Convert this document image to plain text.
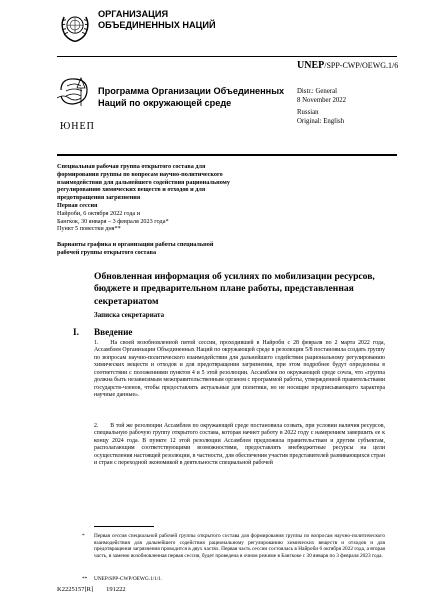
ОРГАНИЗАЦИЯ ОБЪЕДИНЕННЫХ НАЦИЙ
UNEP/SPP-CWP/OEWG.1/6
ЮНЕП
Программа Организации Объединенных Наций по окружающей среде
Distr.: General
8 November 2022
Russian
Original: English
Специальная рабочая группа открытого состава для формирования группы по вопросам научно-политического взаимодействия для дальнейшего содействия рациональному регулированию химических веществ и отходов и для предотвращения загрязнения
Первая сессия
Найроби, 6 октября 2022 года и
Бангкок, 30 января – 3 февраля 2023 года*
Пункт 5 повестки дня**
Варианты графика и организации работы специальной рабочей группы открытого состава
Обновленная информация об усилиях по мобилизации ресурсов, бюджете и предварительном плане работы, представленная секретариатом
Записка секретариата
I. Введение
1.  На своей возобновленной пятой сессии, проходившей в Найроби с 28 февраля по 2 марта 2022 года, Ассамблея Организации Объединенных Наций по окружающей среде в резолюции 5/8 постановила создать группу по вопросам научно-политического взаимодействия для дальнейшего содействия рациональному регулированию химических веществ и отходов и для предотвращения загрязнения, при этом подробнее будут определены в соответствии с положениями пунктов 4 и 5 этой резолюции. Ассамблея по окружающей среде сочла, что «группа должна быть независимым межправительственным органом с программой работы, утвержденной правительствами государств-членов, чтобы предоставлять актуальные для политики, но не носящие предписывающего характера научные данные».
2.  В той же резолюции Ассамблея по окружающей среде постановила созвать, при условии наличия ресурсов, специальную рабочую группу открытого состава, которая начнет работу в 2022 году с намерением завершить ее к концу 2024 года. В пункте 12 этой резолюции Ассамблея предложила правительствам и другим субъектам, располагающим соответствующими возможностями, предоставлять внебюджетные ресурсы на цели осуществления настоящей резолюции, в частности, для обеспечения участия представителей развивающихся стран и стран с переходной экономикой в деятельности специальной рабочей
* Первая сессия специальной рабочей группы открытого состава для формирования группы по вопросам научно-политического взаимодействия для дальнейшего содействия рациональному регулированию химических веществ и отходов и для предотвращения загрязнения проводится в двух частях. Первая часть сессии состоялась в Найроби 6 октября 2022 года, а вторая часть, в заменю возобновленная первая сессия, будет проведена в очном режиме в Бангкоке с 30 января по 3 февраля 2023 года.
** UNEP/SPP-CWP/OEWG.1/1/1.
K2225157[R]  191222
